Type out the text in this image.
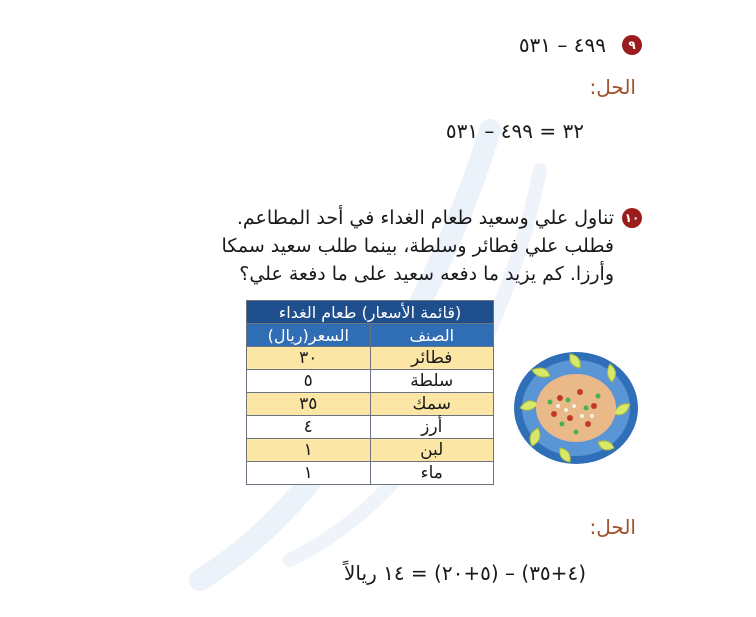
٩
٤٩٩ – ٥٣١
الحل:
٣٢ = ٤٩٩ – ٥٣١
١٠
تناول علي وسعيد طعام الغداء في أحد المطاعم.
فطلب علي فطائر وسلطة، بينما طلب سعيد سمكا
وأرزا. كم يزيد ما دفعه سعيد على ما دفعة علي؟
(قائمة الأسعار) طعام الغداء	
الصنف	السعر(ريال)
فطائر	٣٠
سلطة	٥
سمك	٣٥
أرز	٤
لبن	١
ماء	١
الحل:
(٤+٣٥) – (٥+٢٠) = ١٤ ريالاً
